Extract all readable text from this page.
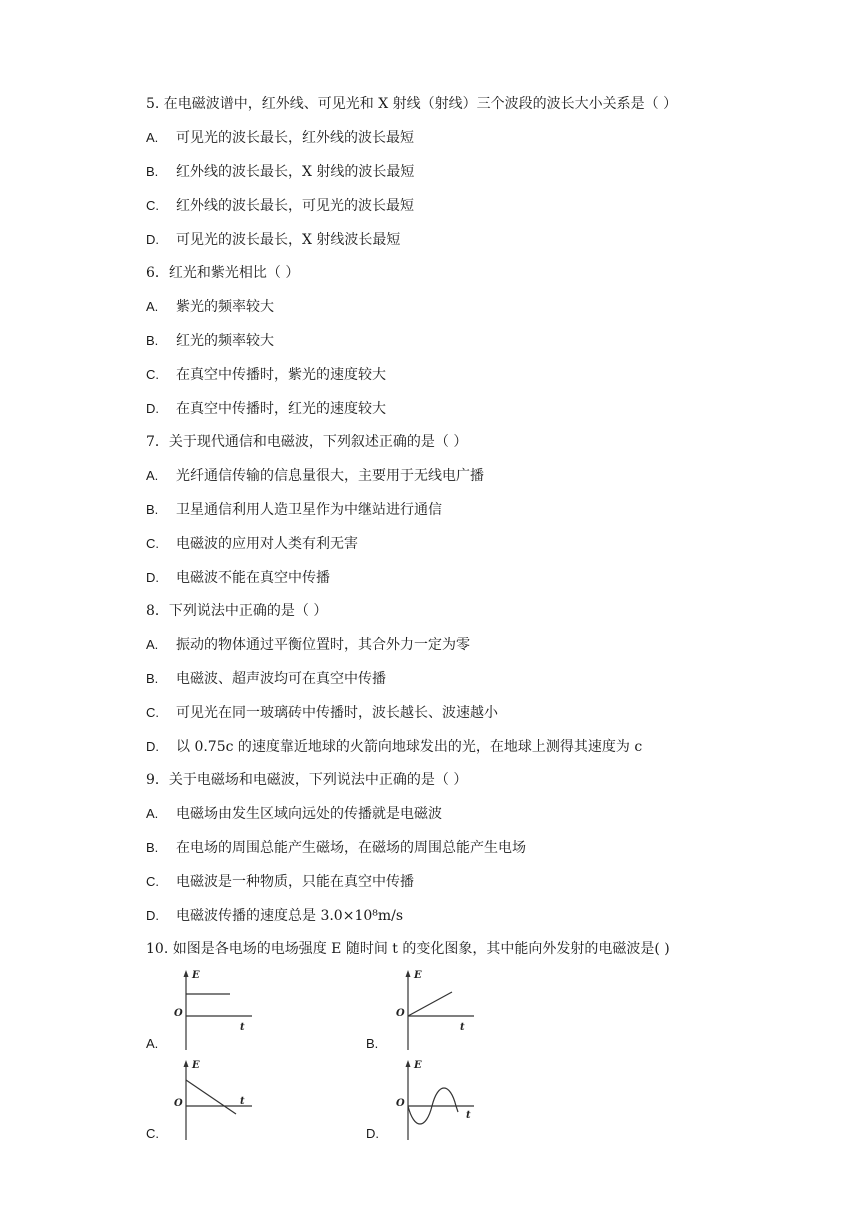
5. 在电磁波谱中，红外线、可见光和 X 射线（射线）三个波段的波长大小关系是（ ）
A. 可见光的波长最长，红外线的波长最短
B. 红外线的波长最长，X 射线的波长最短
C. 红外线的波长最长，可见光的波长最短
D. 可见光的波长最长，X 射线波长最短
6．红光和紫光相比（ ）
A. 紫光的频率较大
B. 红光的频率较大
C. 在真空中传播时，紫光的速度较大
D. 在真空中传播时，红光的速度较大
7．关于现代通信和电磁波，下列叙述正确的是（ ）
A. 光纤通信传输的信息量很大，主要用于无线电广播
B. 卫星通信利用人造卫星作为中继站进行通信
C. 电磁波的应用对人类有利无害
D. 电磁波不能在真空中传播
8．下列说法中正确的是（ ）
A. 振动的物体通过平衡位置时，其合外力一定为零
B. 电磁波、超声波均可在真空中传播
C. 可见光在同一玻璃砖中传播时，波长越长、波速越小
D. 以 0.75c 的速度靠近地球的火箭向地球发出的光，在地球上测得其速度为 c
9．关于电磁场和电磁波，下列说法中正确的是（ ）
A. 电磁场由发生区域向远处的传播就是电磁波
B. 在电场的周围总能产生磁场，在磁场的周围总能产生电场
C. 电磁波是一种物质，只能在真空中传播
D. 电磁波传播的速度总是 3.0×10⁸m/s
10. 如图是各电场的电场强度 E 随时间 t 的变化图象，其中能向外发射的电磁波是( )
A.
E
O
t
B.
E
O
t
C.
E
O	t
D.
E
O
t
